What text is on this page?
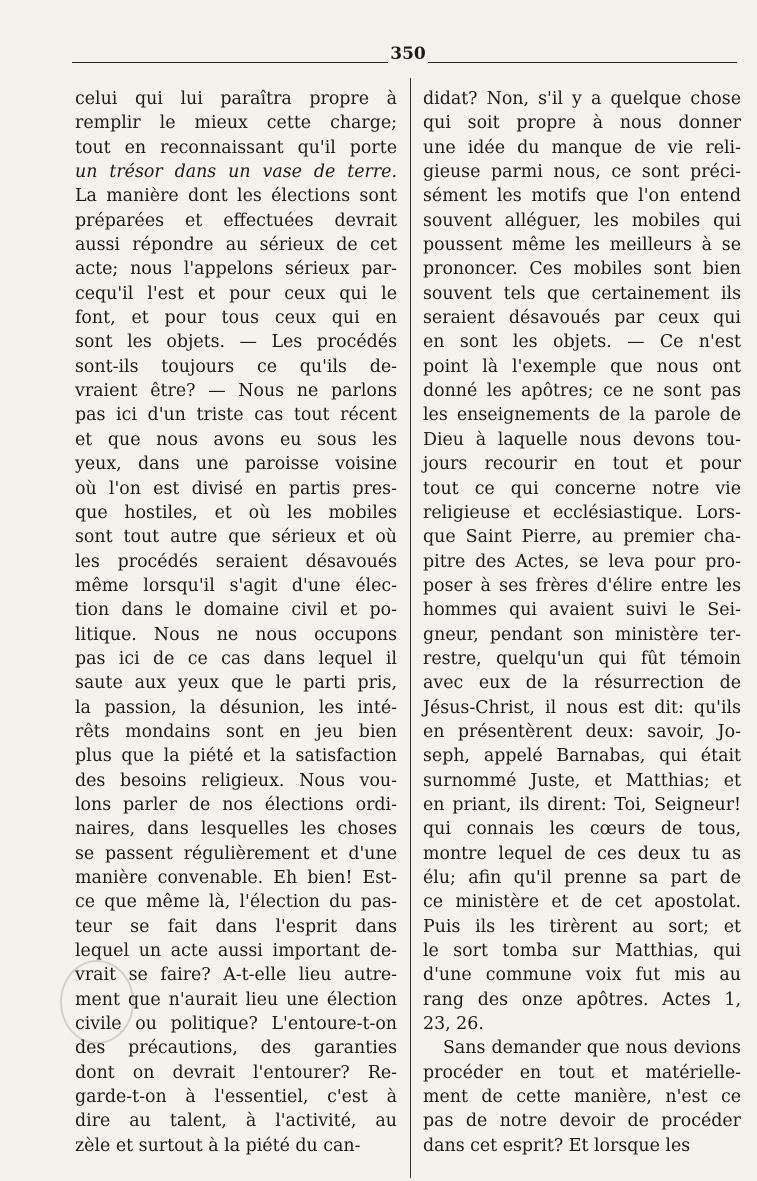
350
celui qui lui paraîtra propre à
remplir le mieux cette charge;
tout en reconnaissant qu'il porte
un trésor dans un vase de terre.
La manière dont les élections sont
préparées et effectuées devrait
aussi répondre au sérieux de cet
acte; nous l'appelons sérieux par-
cequ'il l'est et pour ceux qui le
font, et pour tous ceux qui en
sont les objets. — Les procédés
sont-ils toujours ce qu'ils de-
vraient être? — Nous ne parlons
pas ici d'un triste cas tout récent
et que nous avons eu sous les
yeux, dans une paroisse voisine
où l'on est divisé en partis pres-
que hostiles, et où les mobiles
sont tout autre que sérieux et où
les procédés seraient désavoués
même lorsqu'il s'agit d'une élec-
tion dans le domaine civil et po-
litique. Nous ne nous occupons
pas ici de ce cas dans lequel il
saute aux yeux que le parti pris,
la passion, la désunion, les inté-
rêts mondains sont en jeu bien
plus que la piété et la satisfaction
des besoins religieux. Nous vou-
lons parler de nos élections ordi-
naires, dans lesquelles les choses
se passent régulièrement et d'une
manière convenable. Eh bien! Est-
ce que même là, l'élection du pas-
teur se fait dans l'esprit dans
lequel un acte aussi important de-
vrait se faire? A-t-elle lieu autre-
ment que n'aurait lieu une élection
civile ou politique? L'entoure-t-on
des précautions, des garanties
dont on devrait l'entourer? Re-
garde-t-on à l'essentiel, c'est à
dire au talent, à l'activité, au
zèle et surtout à la piété du can-
didat? Non, s'il y a quelque chose
qui soit propre à nous donner
une idée du manque de vie reli-
gieuse parmi nous, ce sont préci-
sément les motifs que l'on entend
souvent alléguer, les mobiles qui
poussent même les meilleurs à se
prononcer. Ces mobiles sont bien
souvent tels que certainement ils
seraient désavoués par ceux qui
en sont les objets. — Ce n'est
point là l'exemple que nous ont
donné les apôtres; ce ne sont pas
les enseignements de la parole de
Dieu à laquelle nous devons tou-
jours recourir en tout et pour
tout ce qui concerne notre vie
religieuse et ecclésiastique. Lors-
que Saint Pierre, au premier cha-
pitre des Actes, se leva pour pro-
poser à ses frères d'élire entre les
hommes qui avaient suivi le Sei-
gneur, pendant son ministère ter-
restre, quelqu'un qui fût témoin
avec eux de la résurrection de
Jésus-Christ, il nous est dit: qu'ils
en présentèrent deux: savoir, Jo-
seph, appelé Barnabas, qui était
surnommé Juste, et Matthias; et
en priant, ils dirent: Toi, Seigneur!
qui connais les cœurs de tous,
montre lequel de ces deux tu as
élu; afin qu'il prenne sa part de
ce ministère et de cet apostolat.
Puis ils les tirèrent au sort; et
le sort tomba sur Matthias, qui
d'une commune voix fut mis au
rang des onze apôtres. Actes 1,
23, 26.
Sans demander que nous devions
procéder en tout et matérielle-
ment de cette manière, n'est ce
pas de notre devoir de procéder
dans cet esprit? Et lorsque les
